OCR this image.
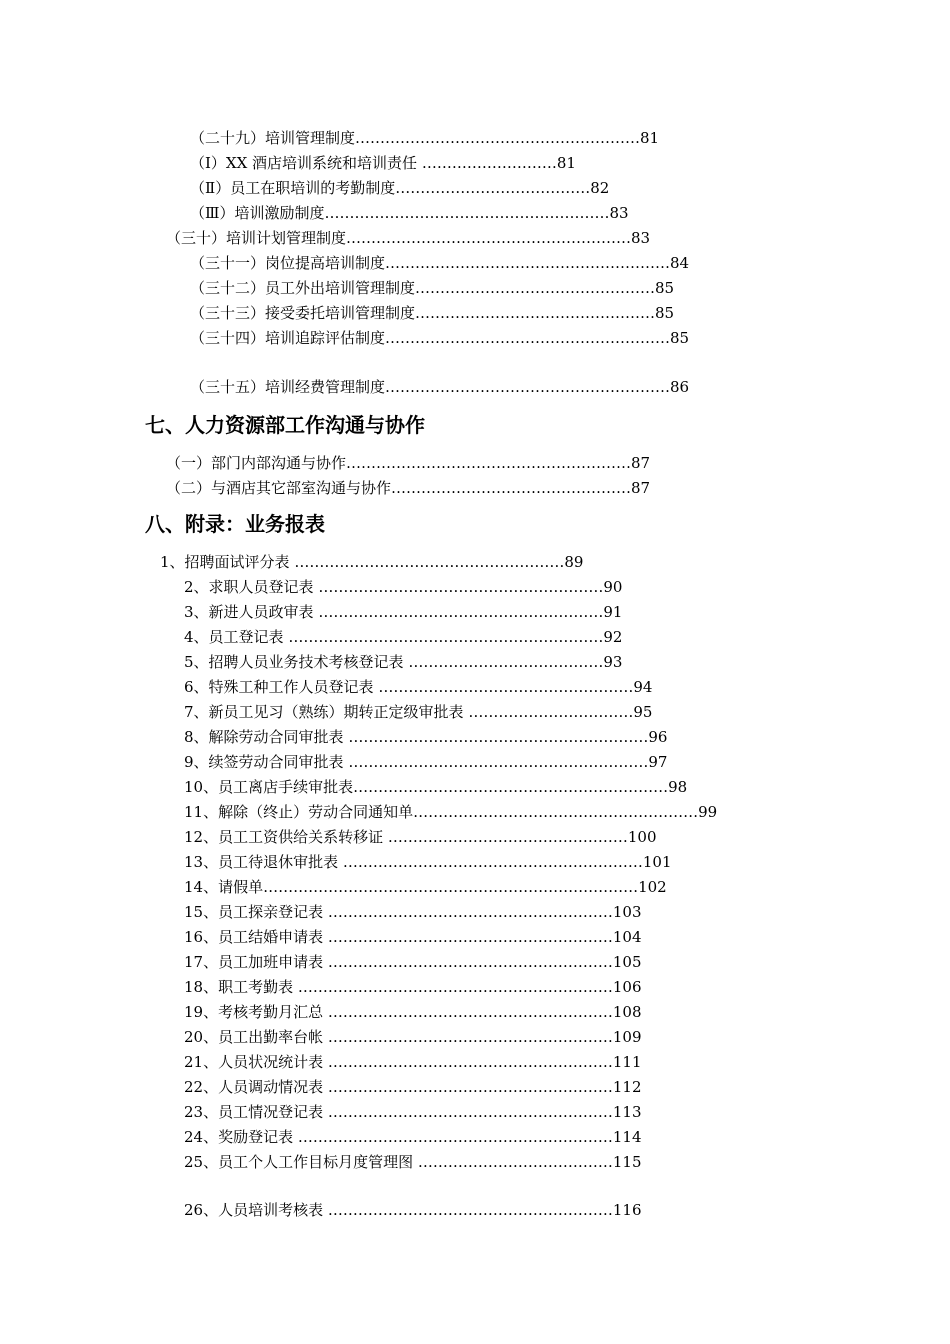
（二十九）培训管理制度…………………………………………………81
（Ⅰ）XX 酒店培训系统和培训责任 ………………………81
（Ⅱ）员工在职培训的考勤制度…………………………………82
（Ⅲ）培训激励制度…………………………………………………83
（三十）培训计划管理制度…………………………………………………83
（三十一）岗位提高培训制度…………………………………………………84
（三十二）员工外出培训管理制度…………………………………………85
（三十三）接受委托培训管理制度…………………………………………85
（三十四）培训追踪评估制度…………………………………………………85
（三十五）培训经费管理制度…………………………………………………86
七、人力资源部工作沟通与协作
（一）部门内部沟通与协作…………………………………………………87
（二）与酒店其它部室沟通与协作…………………………………………87
八、附录：业务报表
1、招聘面试评分表 ………………………………………………89
2、求职人员登记表 …………………………………………………90
3、新进人员政审表 …………………………………………………91
4、员工登记表 ………………………………………………………92
5、招聘人员业务技术考核登记表 …………………………………93
6、特殊工种工作人员登记表 ……………………………………………94
7、新员工见习（熟练）期转正定级审批表 ……………………………95
8、解除劳动合同审批表 ……………………………………………………96
9、续签劳动合同审批表 ……………………………………………………97
10、员工离店手续审批表………………………………………………………98
11、解除（终止）劳动合同通知单…………………………………………………99
12、员工工资供给关系转移证 …………………………………………100
13、员工待退休审批表 ……………………………………………………101
14、请假单…………………………………………………………………102
15、员工探亲登记表 …………………………………………………103
16、员工结婚申请表 …………………………………………………104
17、员工加班申请表 …………………………………………………105
18、职工考勤表 ………………………………………………………106
19、考核考勤月汇总 …………………………………………………108
20、员工出勤率台帐 …………………………………………………109
21、人员状况统计表 …………………………………………………111
22、人员调动情况表 …………………………………………………112
23、员工情况登记表 …………………………………………………113
24、奖励登记表 ………………………………………………………114
25、员工个人工作目标月度管理图 …………………………………115
26、人员培训考核表 …………………………………………………116
